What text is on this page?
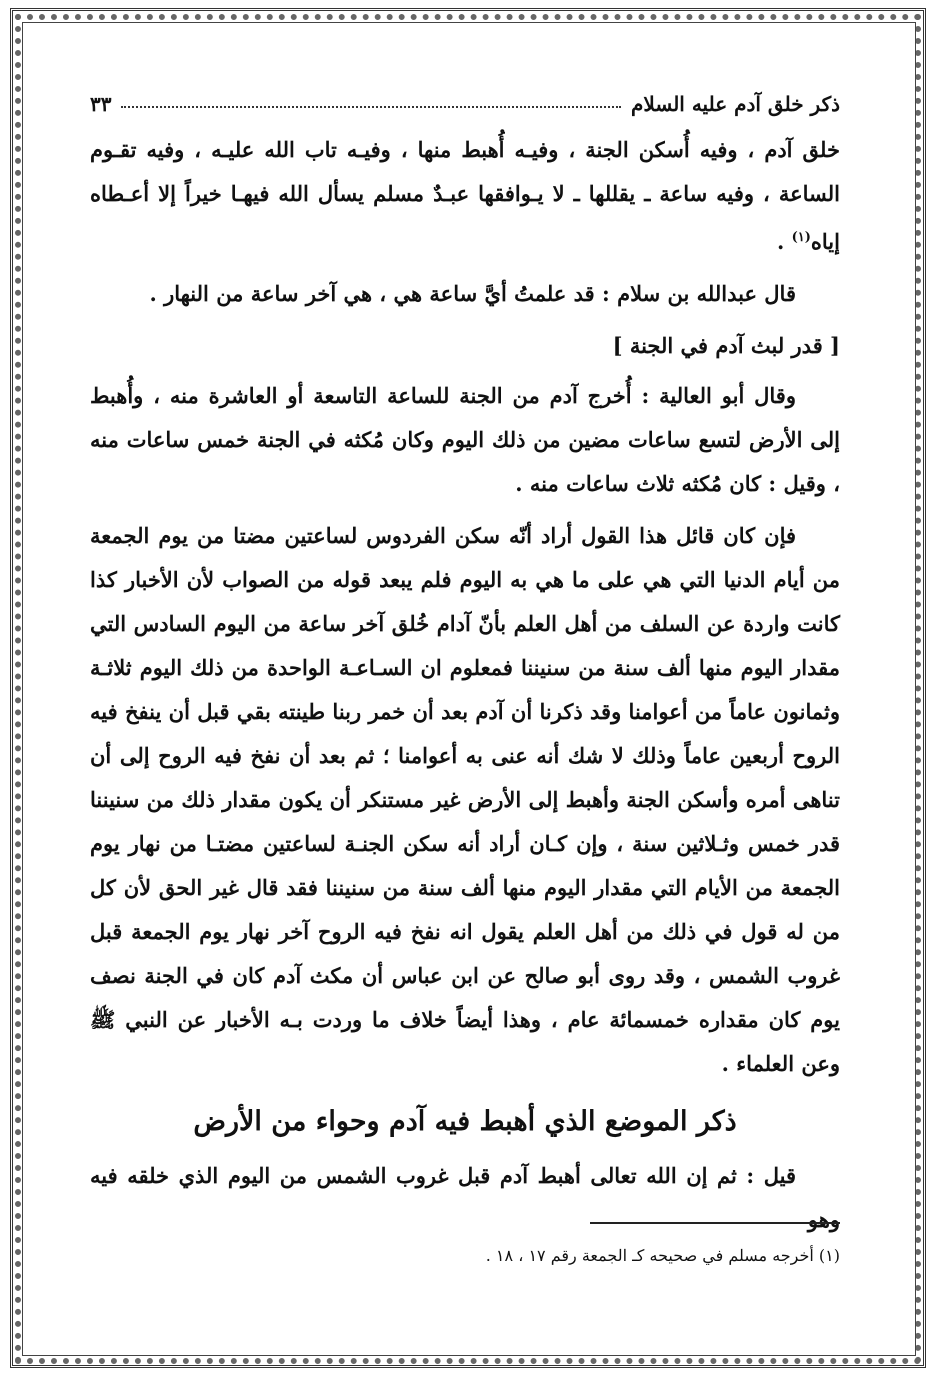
ذكر خلق آدم عليه السلام
٣٣

خلق آدم ، وفيه أُسكن الجنة ، وفيـه أُهبط منها ، وفيـه تاب الله عليـه ، وفيه تقـوم الساعة ، وفيه ساعة ـ يقللها ـ لا يـوافقها عبـدٌ مسلم يسأل الله فيهـا خيراً إلا أعـطاه إياه$^{(١)}$ .

قال عبدالله بن سلام : قد علمتُ أيَّ ساعة هي ، هي آخر ساعة من النهار .

[ قدر لبث آدم في الجنة ]

وقال أبو العالية : أُخرج آدم من الجنة للساعة التاسعة أو العاشرة منه ، وأُهبط إلى الأرض لتسع ساعات مضين من ذلك اليوم وكان مُكثه في الجنة خمس ساعات منه ، وقيل : كان مُكثه ثلاث ساعات منه .

فإن كان قائل هذا القول أراد أنّه سكن الفردوس لساعتين مضتا من يوم الجمعة من أيام الدنيا التي هي على ما هي به اليوم فلم يبعد قوله من الصواب لأن الأخبار كذا كانت واردة عن السلف من أهل العلم بأنّ آدام خُلق آخر ساعة من اليوم السادس التي مقدار اليوم منها ألف سنة من سنيننا فمعلوم ان السـاعـة الواحدة من ذلك اليوم ثلاثـة وثمانون عاماً من أعوامنا وقد ذكرنا أن آدم بعد أن خمر ربنا طينته بقي قبل أن ينفخ فيه الروح أربعين عاماً وذلك لا شك أنه عنى به أعوامنا ؛ ثم بعد أن نفخ فيه الروح إلى أن تناهى أمره وأسكن الجنة وأهبط إلى الأرض غير مستنكر أن يكون مقدار ذلك من سنيننا قدر خمس وثـلاثين سنة ، وإن كـان أراد أنه سكن الجنـة لساعتين مضتـا من نهار يوم الجمعة من الأيام التي مقدار اليوم منها ألف سنة من سنيننا فقد قال غير الحق لأن كل من له قول في ذلك من أهل العلم يقول انه نفخ فيه الروح آخر نهار يوم الجمعة قبل غروب الشمس ، وقد روى أبو صالح عن ابن عباس أن مكث آدم كان في الجنة نصف يوم كان مقداره خمسمائة عام ، وهذا أيضاً خلاف ما وردت بـه الأخبار عن النبي ﷺ وعن العلماء .

ذكر الموضع الذي أهبط فيه آدم وحواء من الأرض

قيل : ثم إن الله تعالى أهبط آدم قبل غروب الشمس من اليوم الذي خلقه فيه وهو

(١) أخرجه مسلم في صحيحه كـ الجمعة رقم ١٧ ، ١٨ .
